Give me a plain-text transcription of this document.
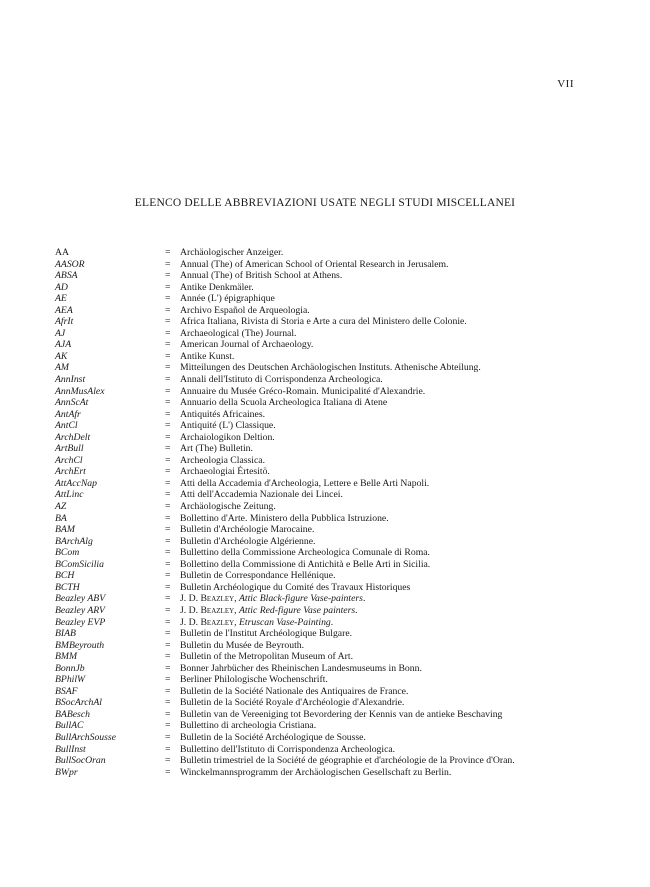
VII
ELENCO DELLE ABBREVIAZIONI USATE NEGLI STUDI MISCELLANEI
AA	= Archäologischer Anzeiger.
AASOR	= Annual (The) of American School of Oriental Research in Jerusalem.
ABSA	= Annual (The) of British School at Athens.
AD	= Antike Denkmäler.
AE	= Année (L') épigraphique
AEA	= Archivo Español de Arqueologia.
AfrIt	= Africa Italiana, Rivista di Storia e Arte a cura del Ministero delle Colonie.
AJ	= Archaeological (The) Journal.
AJA	= American Journal of Archaeology.
AK	= Antike Kunst.
AM	= Mitteilungen des Deutschen Archäologischen Instituts. Athenische Abteilung.
AnnInst	= Annali dell'Istituto di Corrispondenza Archeologica.
AnnMusAlex	= Annuaire du Musée Gréco-Romain. Municipalité d'Alexandrie.
AnnScAt	= Annuario della Scuola Archeologica Italiana di Atene
AntAfr	= Antiquités Africaines.
AntCl	= Antiquité (L') Classique.
ArchDelt	= Archaiologikon Deltion.
ArtBull	= Art (The) Bulletin.
ArchCl	= Archeologia Classica.
ArchErt	= Archaeologiai Értesitö.
AttAccNap	= Atti della Accademia d'Archeologia, Lettere e Belle Arti Napoli.
AttLinc	= Atti dell'Accademia Nazionale dei Lincei.
AZ	= Archäologische Zeitung.
BA	= Bollettino d'Arte. Ministero della Pubblica Istruzione.
BAM	= Bulletin d'Archéologie Marocaine.
BArchAlg	= Bulletin d'Archéologie Algérienne.
BCom	= Bullettino della Commissione Archeologica Comunale di Roma.
BComSicilia	= Bollettino della Commissione di Antichità e Belle Arti in Sicilia.
BCH	= Bulletin de Correspondance Hellénique.
BCTH	= Bulletin Archéologique du Comité des Travaux Historiques
Beazley ABV	= J. D. Beazley, Attic Black-figure Vase-painters.
Beazley ARV	= J. D. Beazley, Attic Red-figure Vase painters.
Beazley EVP	= J. D. Beazley, Etruscan Vase-Painting.
BIAB	= Bulletin de l'Institut Archéologique Bulgare.
BMBeyrouth	= Bulletin du Musée de Beyrouth.
BMM	= Bulletin of the Metropolitan Museum of Art.
BonnJb	= Bonner Jahrbücher des Rheinischen Landesmuseums in Bonn.
BPhilW	= Berliner Philologische Wochenschrift.
BSAF	= Bulletin de la Société Nationale des Antiquaires de France.
BSocArchAl	= Bulletin de la Société Royale d'Archéologie d'Alexandrie.
BABesch	= Bulletin van de Vereeniging tot Bevordering der Kennis van de antieke Beschaving
BullAC	= Bullettino di archeologia Cristiana.
BullArchSousse	= Bulletin de la Société Archéologique de Sousse.
BullInst	= Bullettino dell'Istituto di Corrispondenza Archeologica.
BullSocOran	= Bulletin trimestriel de la Société de géographie et d'archéologie de la Province d'Oran.
BWpr	= Winckelmannsprogramm der Archäologischen Gesellschaft zu Berlin.
